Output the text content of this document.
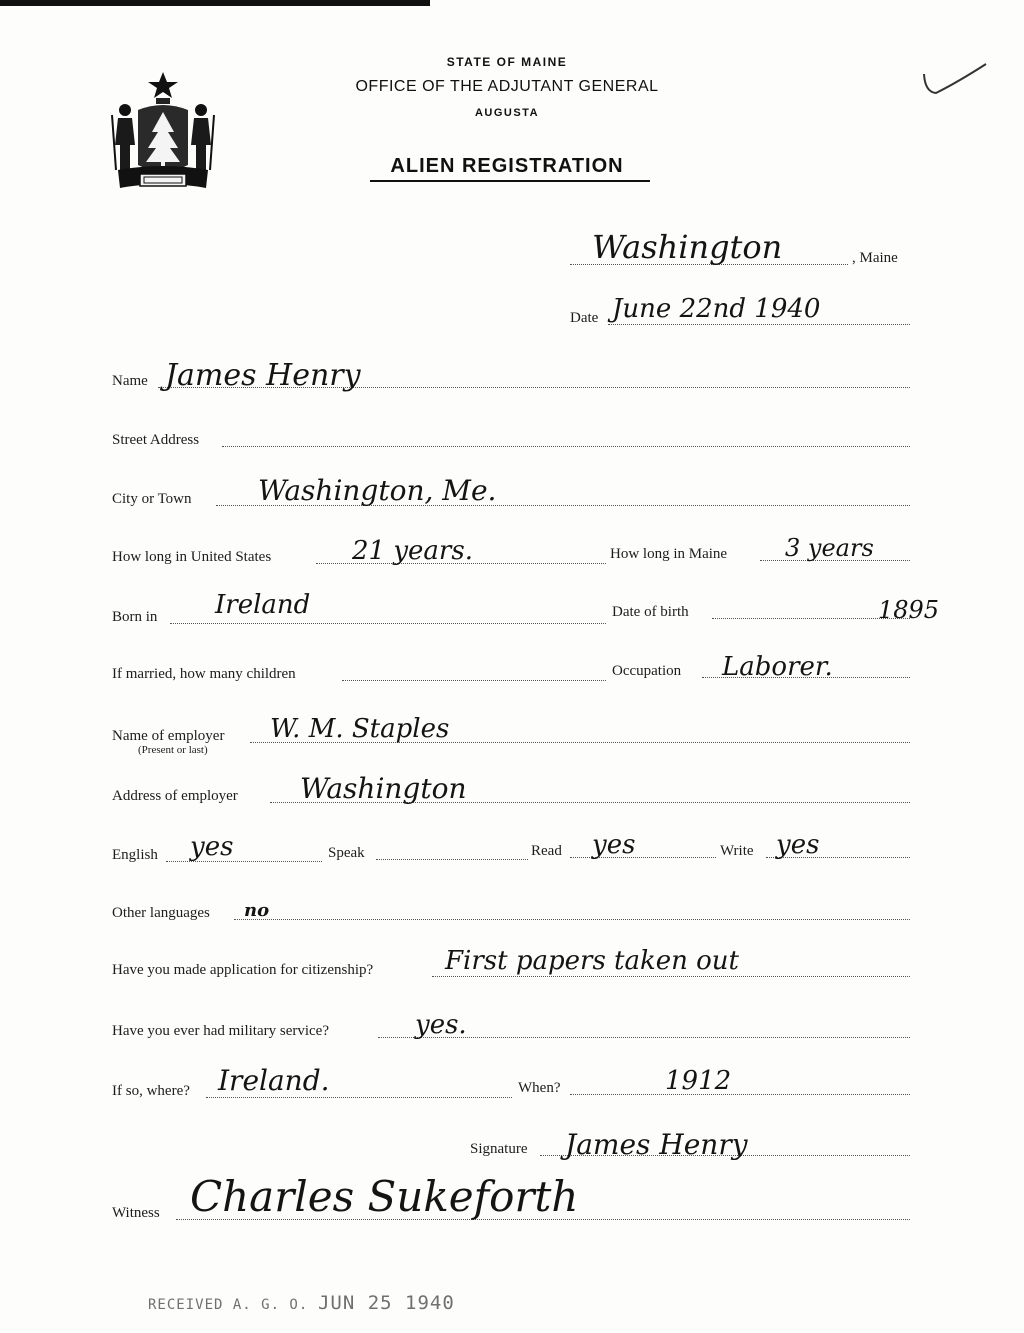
STATE OF MAINE
OFFICE OF THE ADJUTANT GENERAL
AUGUSTA
ALIEN REGISTRATION
Washington	, Maine
Date June 22nd 1940
Name James Henry
Street Address
City or Town Washington, Me.
How long in United States	21 years.	How long in Maine 3 years
Born in Ireland	Date of birth	1895
If married, how many children	Occupation Laborer.
Name of employer
(Present or last)
W. M. Staples
Address of employer Washington
English yes	Speak	Read yes	Write yes
Other languages no
Have you made application for citizenship?	First papers taken out
Have you ever had military service?	yes.
If so, where? Ireland.	When?	1912
Signature James Henry
Witness Charles Sukeforth
RECEIVED A. G. O. JUN 25 1940
